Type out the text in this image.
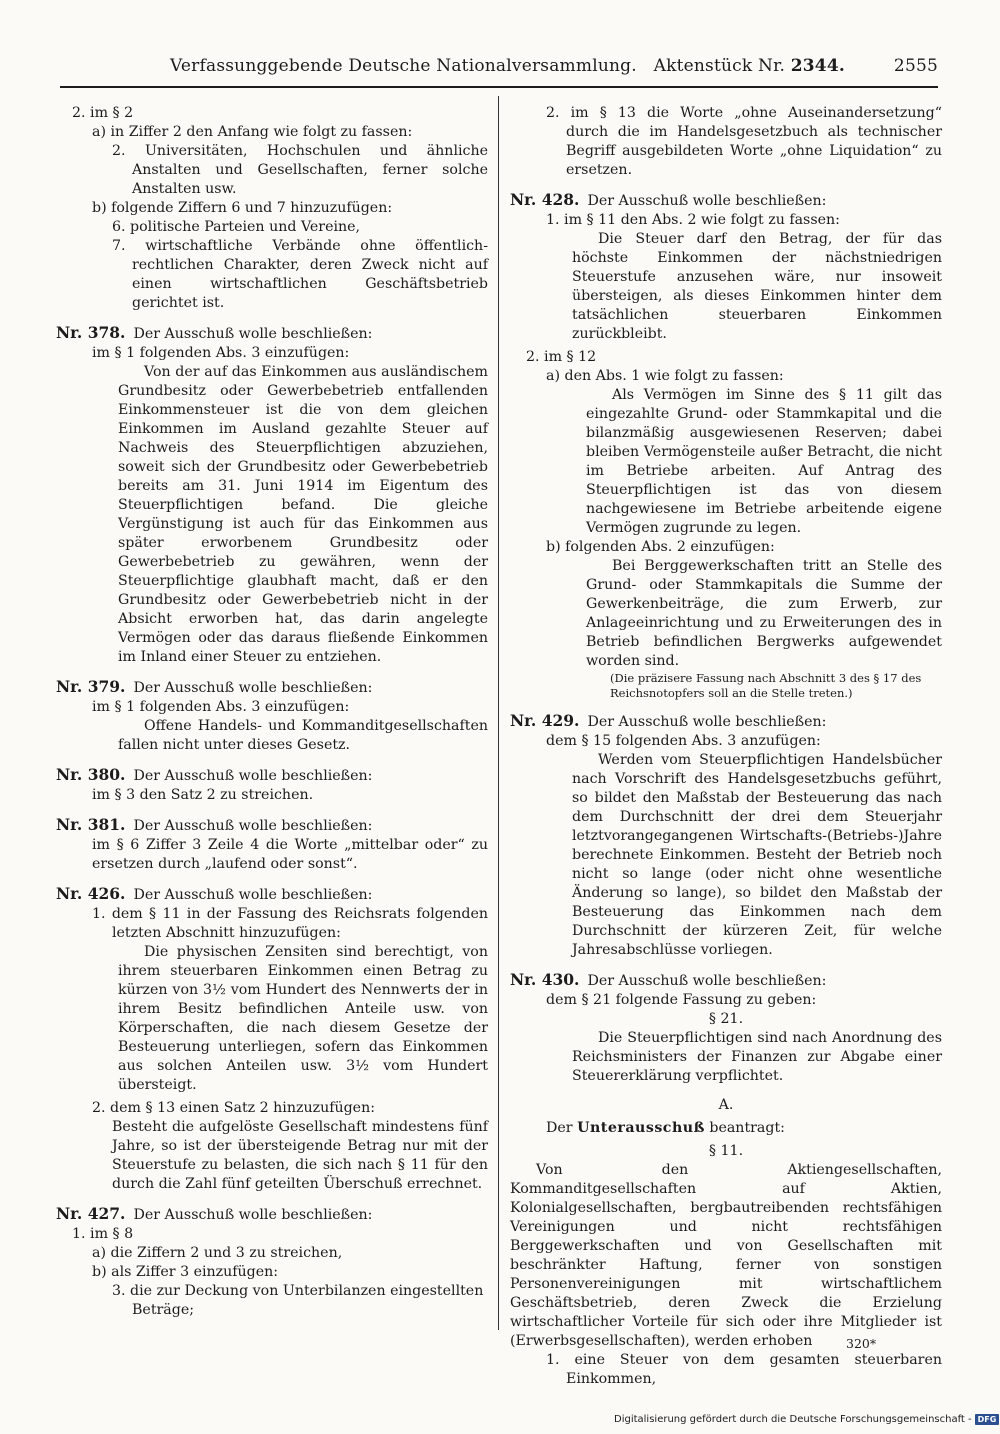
Verfassunggebende Deutsche Nationalversammlung. Aktenstück Nr. 2344.	2555

2. im § 2

a) in Ziffer 2 den Anfang wie folgt zu fassen:

2. Universitäten, Hochschulen und ähnliche Anstalten und Gesellschaften, ferner solche Anstalten usw.

b) folgende Ziffern 6 und 7 hinzuzufügen:

6. politische Parteien und Vereine,

7. wirtschaftliche Verbände ohne öffentlich-rechtlichen Charakter, deren Zweck nicht auf einen wirtschaftlichen Geschäftsbetrieb gerichtet ist.

Nr. 378. Der Ausschuß wolle beschließen:

im § 1 folgenden Abs. 3 einzufügen:

Von der auf das Einkommen aus ausländischem Grundbesitz oder Gewerbebetrieb entfallenden Einkommensteuer ist die von dem gleichen Einkommen im Ausland gezahlte Steuer auf Nachweis des Steuerpflichtigen abzuziehen, soweit sich der Grundbesitz oder Gewerbebetrieb bereits am 31. Juni 1914 im Eigentum des Steuerpflichtigen befand. Die gleiche Vergünstigung ist auch für das Einkommen aus später erworbenem Grundbesitz oder Gewerbebetrieb zu gewähren, wenn der Steuerpflichtige glaubhaft macht, daß er den Grundbesitz oder Gewerbebetrieb nicht in der Absicht erworben hat, das darin angelegte Vermögen oder das daraus fließende Einkommen im Inland einer Steuer zu entziehen.

Nr. 379. Der Ausschuß wolle beschließen:

im § 1 folgenden Abs. 3 einzufügen:

Offene Handels- und Kommanditgesellschaften fallen nicht unter dieses Gesetz.

Nr. 380. Der Ausschuß wolle beschließen:

im § 3 den Satz 2 zu streichen.

Nr. 381. Der Ausschuß wolle beschließen:

im § 6 Ziffer 3 Zeile 4 die Worte „mittelbar oder“ zu ersetzen durch „laufend oder sonst“.

Nr. 426. Der Ausschuß wolle beschließen:

1. dem § 11 in der Fassung des Reichsrats folgenden letzten Abschnitt hinzuzufügen:

Die physischen Zensiten sind berechtigt, von ihrem steuerbaren Einkommen einen Betrag zu kürzen von 3½ vom Hundert des Nennwerts der in ihrem Besitz befindlichen Anteile usw. von Körperschaften, die nach diesem Gesetze der Besteuerung unterliegen, sofern das Einkommen aus solchen Anteilen usw. 3½ vom Hundert übersteigt.

2. dem § 13 einen Satz 2 hinzuzufügen:

Besteht die aufgelöste Gesellschaft mindestens fünf Jahre, so ist der übersteigende Betrag nur mit der Steuerstufe zu belasten, die sich nach § 11 für den durch die Zahl fünf geteilten Überschuß errechnet.

Nr. 427. Der Ausschuß wolle beschließen:

1. im § 8

a) die Ziffern 2 und 3 zu streichen,

b) als Ziffer 3 einzufügen:

3. die zur Deckung von Unterbilanzen eingestellten Beträge;

2. im § 13 die Worte „ohne Auseinandersetzung“ durch die im Handelsgesetzbuch als technischer Begriff ausgebildeten Worte „ohne Liquidation“ zu ersetzen.

Nr. 428. Der Ausschuß wolle beschließen:

1. im § 11 den Abs. 2 wie folgt zu fassen:

Die Steuer darf den Betrag, der für das höchste Einkommen der nächstniedrigen Steuerstufe anzusehen wäre, nur insoweit übersteigen, als dieses Einkommen hinter dem tatsächlichen steuerbaren Einkommen zurückbleibt.

2. im § 12

a) den Abs. 1 wie folgt zu fassen:

Als Vermögen im Sinne des § 11 gilt das eingezahlte Grund- oder Stammkapital und die bilanzmäßig ausgewiesenen Reserven; dabei bleiben Vermögensteile außer Betracht, die nicht im Betriebe arbeiten. Auf Antrag des Steuerpflichtigen ist das von diesem nachgewiesene im Betriebe arbeitende eigene Vermögen zugrunde zu legen.

b) folgenden Abs. 2 einzufügen:

Bei Berggewerkschaften tritt an Stelle des Grund- oder Stammkapitals die Summe der Gewerkenbeiträge, die zum Erwerb, zur Anlageeinrichtung und zu Erweiterungen des in Betrieb befindlichen Bergwerks aufgewendet worden sind.

(Die präzisere Fassung nach Abschnitt 3 des § 17 des Reichsnotopfers soll an die Stelle treten.)

Nr. 429. Der Ausschuß wolle beschließen:

dem § 15 folgenden Abs. 3 anzufügen:

Werden vom Steuerpflichtigen Handelsbücher nach Vorschrift des Handelsgesetzbuchs geführt, so bildet den Maßstab der Besteuerung das nach dem Durchschnitt der drei dem Steuerjahr letztvorangegangenen Wirtschafts-(Betriebs-)Jahre berechnete Einkommen. Besteht der Betrieb noch nicht so lange (oder nicht ohne wesentliche Änderung so lange), so bildet den Maßstab der Besteuerung das Einkommen nach dem Durchschnitt der kürzeren Zeit, für welche Jahresabschlüsse vorliegen.

Nr. 430. Der Ausschuß wolle beschließen:

dem § 21 folgende Fassung zu geben:

§ 21.

Die Steuerpflichtigen sind nach Anordnung des Reichsministers der Finanzen zur Abgabe einer Steuererklärung verpflichtet.

A.

Der Unterausschuß beantragt:

§ 11.

Von den Aktiengesellschaften, Kommanditgesellschaften auf Aktien, Kolonialgesellschaften, bergbautreibenden rechtsfähigen Vereinigungen und nicht rechtsfähigen Berggewerkschaften und von Gesellschaften mit beschränkter Haftung, ferner von sonstigen Personenvereinigungen mit wirtschaftlichem Geschäftsbetrieb, deren Zweck die Erzielung wirtschaftlicher Vorteile für sich oder ihre Mitglieder ist (Erwerbsgesellschaften), werden erhoben

1. eine Steuer von dem gesamten steuerbaren Einkommen,

320*
Digitalisierung gefördert durch die Deutsche Forschungsgemeinschaft - DFG
